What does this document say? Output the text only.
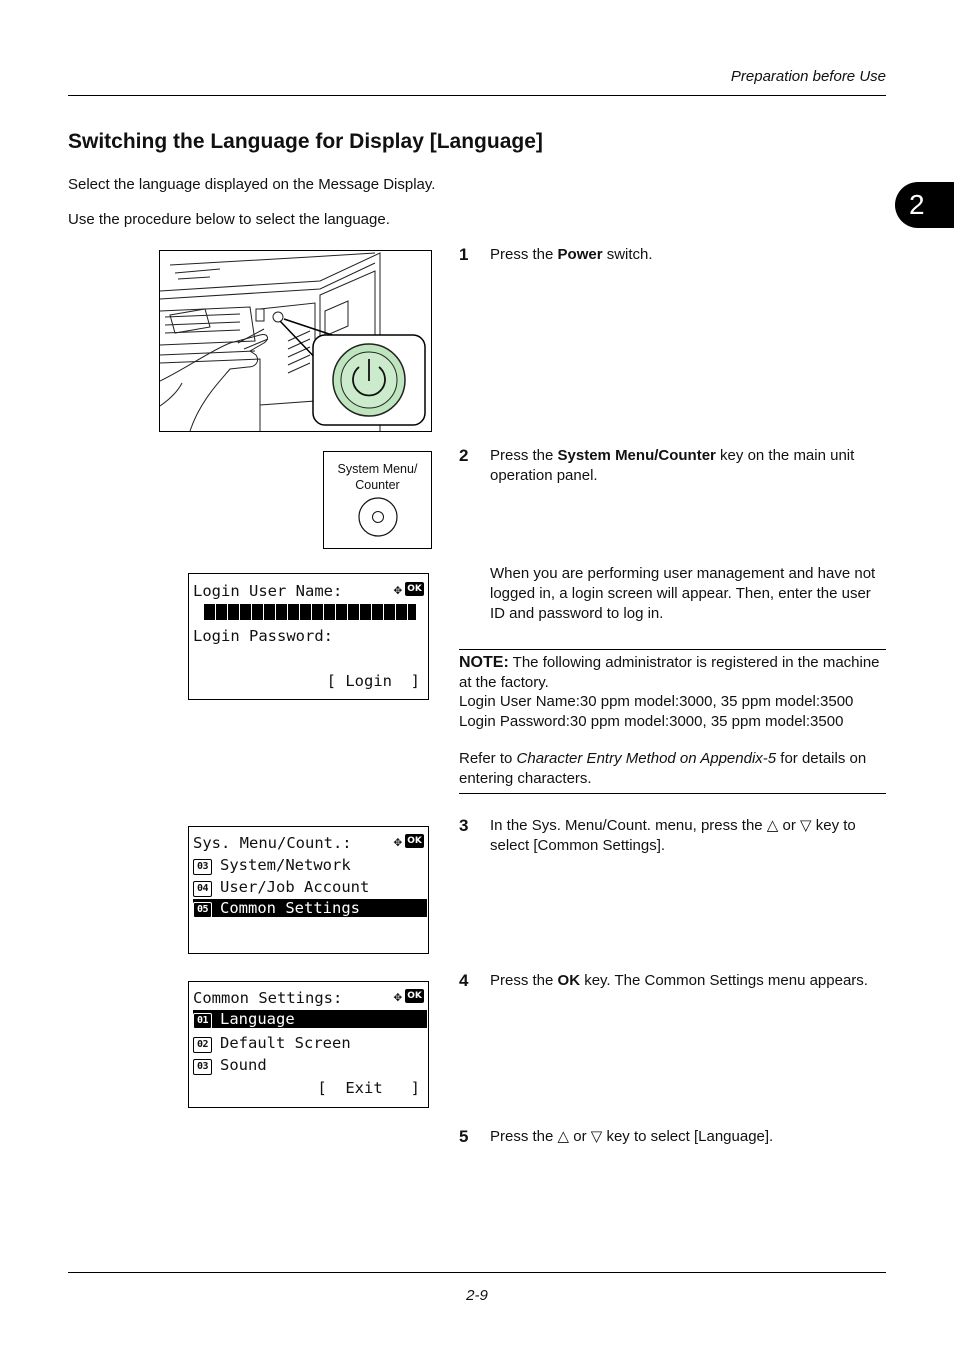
Preparation before Use
2
Switching the Language for Display [Language]
Select the language displayed on the Message Display.
Use the procedure below to select the language.
1 Press the Power switch.
System Menu/
Counter
2 Press the System Menu/Counter key on the main unit operation panel.
Login User Name:	✥ OK
Login Password:
[ Login  ]
When you are performing user management and have not logged in, a login screen will appear. Then, enter the user ID and password to log in.
NOTE: The following administrator is registered in the machine at the factory.
Login User Name:30 ppm model:3000, 35 ppm model:3500
Login Password:30 ppm model:3000, 35 ppm model:3500
Refer to Character Entry Method on Appendix-5 for details on entering characters.
Sys. Menu/Count.:	✥ OK
03 System/Network
04 User/Job Account
05 Common Settings
3 In the Sys. Menu/Count. menu, press the △ or ▽ key to select [Common Settings].
Common Settings:	✥ OK
01 Language
02 Default Screen
03 Sound
[  Exit   ]
4 Press the OK key. The Common Settings menu appears.
5 Press the △ or ▽ key to select [Language].
2-9
